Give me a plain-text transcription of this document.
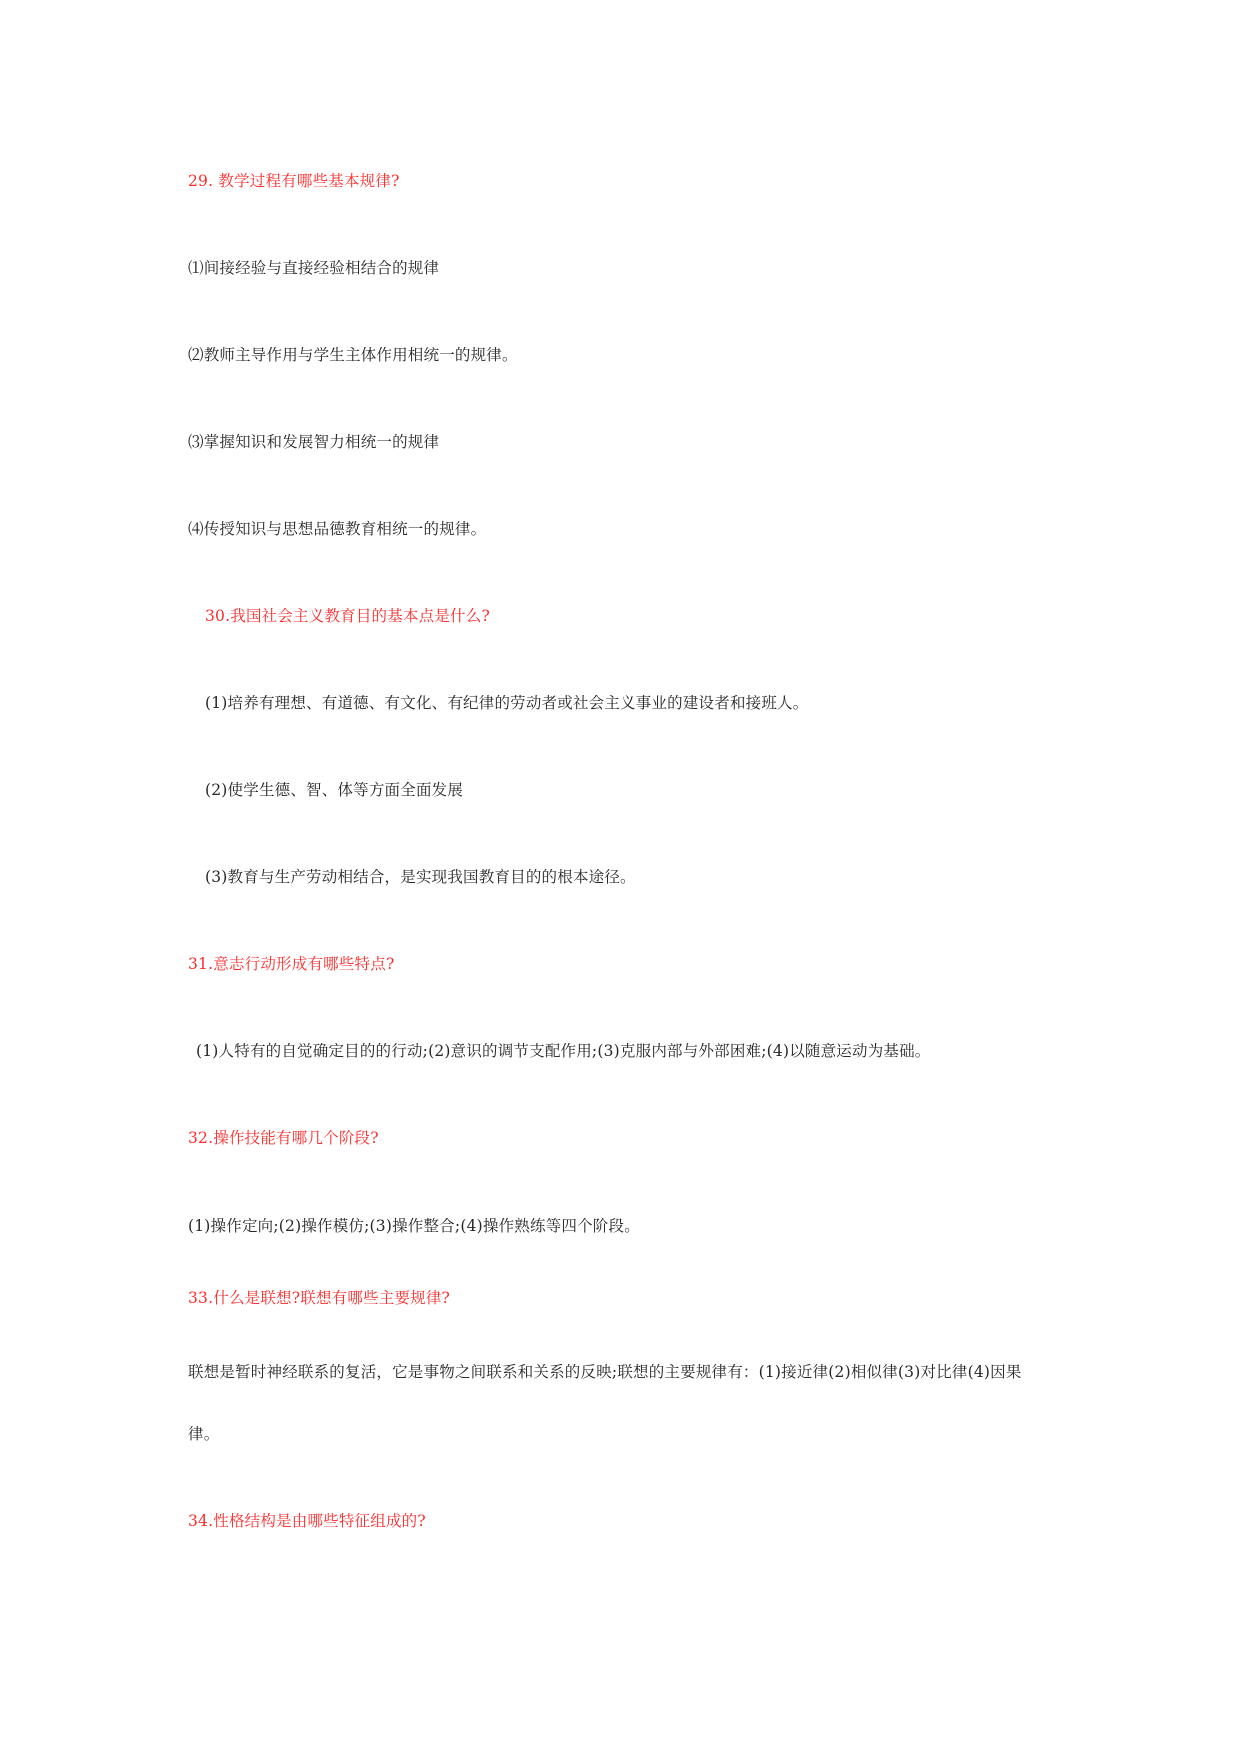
29. 教学过程有哪些基本规律?
⑴间接经验与直接经验相结合的规律
⑵教师主导作用与学生主体作用相统一的规律。
⑶掌握知识和发展智力相统一的规律
⑷传授知识与思想品德教育相统一的规律。
30.我国社会主义教育目的基本点是什么?
(1)培养有理想、有道德、有文化、有纪律的劳动者或社会主义事业的建设者和接班人。
(2)使学生德、智、体等方面全面发展
(3)教育与生产劳动相结合，是实现我国教育目的的根本途径。
31.意志行动形成有哪些特点?
(1)人特有的自觉确定目的的行动;(2)意识的调节支配作用;(3)克服内部与外部困难;(4)以随意运动为基础。
32.操作技能有哪几个阶段?
(1)操作定向;(2)操作模仿;(3)操作整合;(4)操作熟练等四个阶段。
33.什么是联想?联想有哪些主要规律?
联想是暂时神经联系的复活，它是事物之间联系和关系的反映;联想的主要规律有：(1)接近律(2)相似律(3)对比律(4)因果
律。
34.性格结构是由哪些特征组成的?
